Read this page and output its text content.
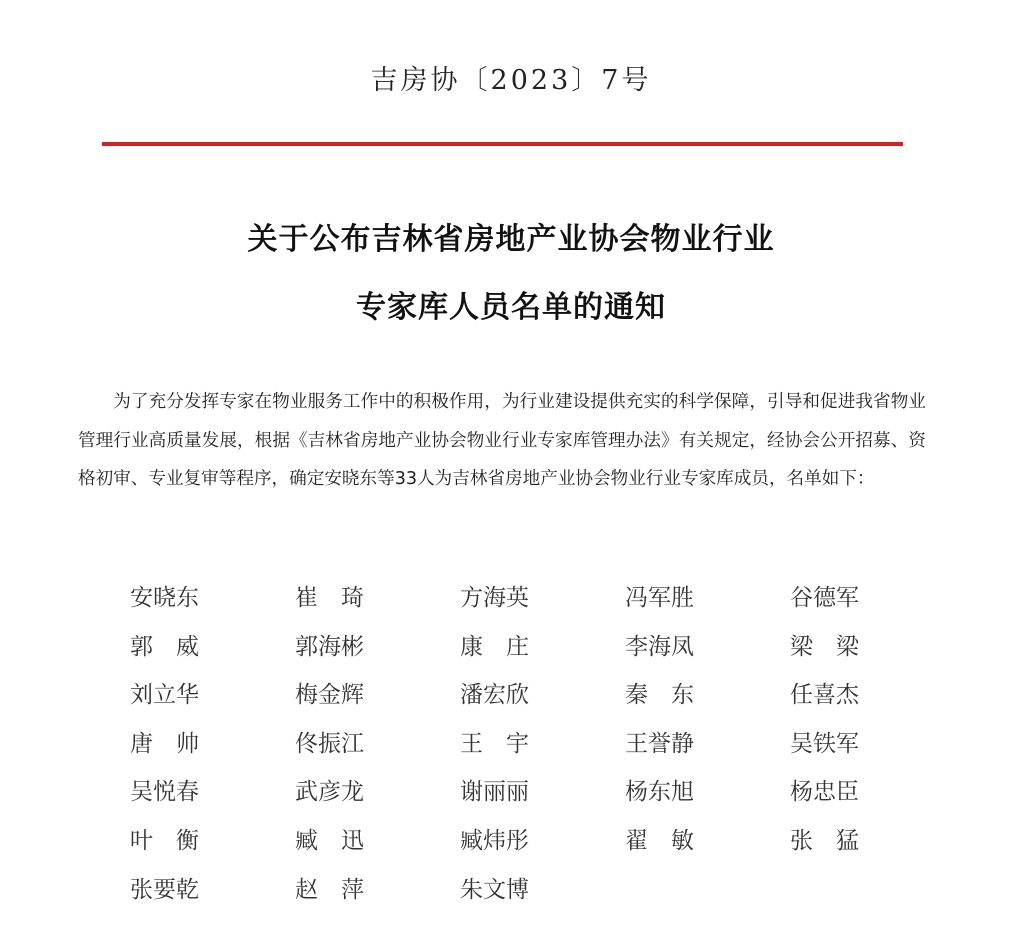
吉房协〔2023〕7号
关于公布吉林省房地产业协会物业行业
专家库人员名单的通知
为了充分发挥专家在物业服务工作中的积极作用，为行业建设提供充实的科学保障，引导和促进我省物业管理行业高质量发展，根据《吉林省房地产业协会物业行业专家库管理办法》有关规定，经协会公开招募、资格初审、专业复审等程序，确定安晓东等33人为吉林省房地产业协会物业行业专家库成员，名单如下：
安晓东	崔　琦	方海英	冯军胜	谷德军
郭　威	郭海彬	康　庄	李海凤	梁　梁
刘立华	梅金辉	潘宏欣	秦　东	任喜杰
唐　帅	佟振江	王　宇	王誉静	吴铁军
吴悦春	武彦龙	谢丽丽	杨东旭	杨忠臣
叶　衡	臧　迅	臧炜彤	翟　敏	张　猛
张要乾	赵　萍	朱文博
